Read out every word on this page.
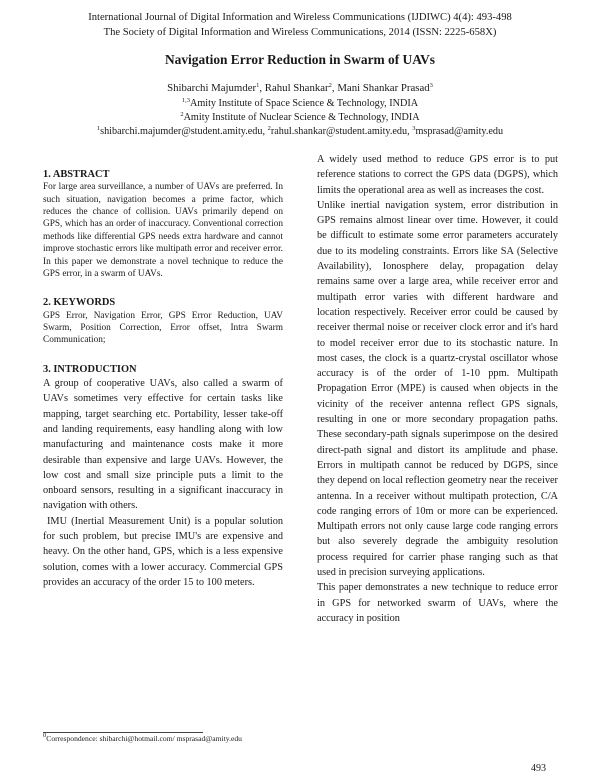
International Journal of Digital Information and Wireless Communications (IJDIWC) 4(4): 493-498
The Society of Digital Information and Wireless Communications, 2014 (ISSN: 2225-658X)
Navigation Error Reduction in Swarm of UAVs
Shibarchi Majumder$^1$, Rahul Shankar$^2$, Mani Shankar Prasad$^3$
$^{1,3}$Amity Institute of Space Science & Technology, INDIA
$^2$Amity Institute of Nuclear Science & Technology, INDIA
$^1$shibarchi.majumder@student.amity.edu, $^2$rahul.shankar@student.amity.edu, $^3$msprasad@amity.edu

1. ABSTRACT

For large area surveillance, a number of UAVs are preferred. In such situation, navigation becomes a prime factor, which reduces the chance of collision. UAVs primarily depend on GPS, which has an order of inaccuracy. Conventional correction methods like differential GPS needs extra hardware and cannot improve stochastic errors like multipath error and receiver error. In this paper we demonstrate a novel technique to reduce the GPS error, in a swarm of UAVs.

2. KEYWORDS

GPS Error, Navigation Error, GPS Error Reduction, UAV Swarm, Position Correction, Error offset, Intra Swarm Communication;

3. INTRODUCTION

A group of cooperative UAVs, also called a swarm of UAVs sometimes very effective for certain tasks like mapping, target searching etc. Portability, lesser take-off and landing requirements, easy handling along with low manufacturing and maintenance costs make it more desirable than expensive and large UAVs. However, the low cost and small size principle puts a limit to the onboard sensors, resulting in a significant inaccuracy in navigation with others.

IMU (Inertial Measurement Unit) is a popular solution for such problem, but precise IMU's are expensive and heavy. On the other hand, GPS, which is a less expensive solution, comes with a lower accuracy. Commercial GPS provides an accuracy of the order 15 to 100 meters.

A widely used method to reduce GPS error is to put reference stations to correct the GPS data (DGPS), which limits the operational area as well as increases the cost.

Unlike inertial navigation system, error distribution in GPS remains almost linear over time. However, it could be difficult to estimate some error parameters accurately due to its modeling constraints. Errors like SA (Selective Availability), Ionosphere delay, propagation delay remains same over a large area, while receiver error and multipath error varies with different hardware and location respectively. Receiver error could be caused by receiver thermal noise or receiver clock error and it's hard to model receiver error due to its stochastic nature. In most cases, the clock is a quartz-crystal oscillator whose accuracy is of the order of 1-10 ppm. Multipath Propagation Error (MPE) is caused when objects in the vicinity of the receiver antenna reflect GPS signals, resulting in one or more secondary propagation paths. These secondary-path signals superimpose on the desired direct-path signal and distort its amplitude and phase. Errors in multipath cannot be reduced by DGPS, since they depend on local reflection geometry near the receiver antenna. In a receiver without multipath protection, C/A code ranging errors of 10m or more can be experienced. Multipath errors not only cause large code ranging errors but also severely degrade the ambiguity resolution process required for carrier phase ranging such as that used in precision surveying applications.

This paper demonstrates a new technique to reduce error in GPS for networked swarm of UAVs, where the accuracy in position

$^0$Correspondence: shibarchi@hotmail.com/ msprasad@amity.edu
493
